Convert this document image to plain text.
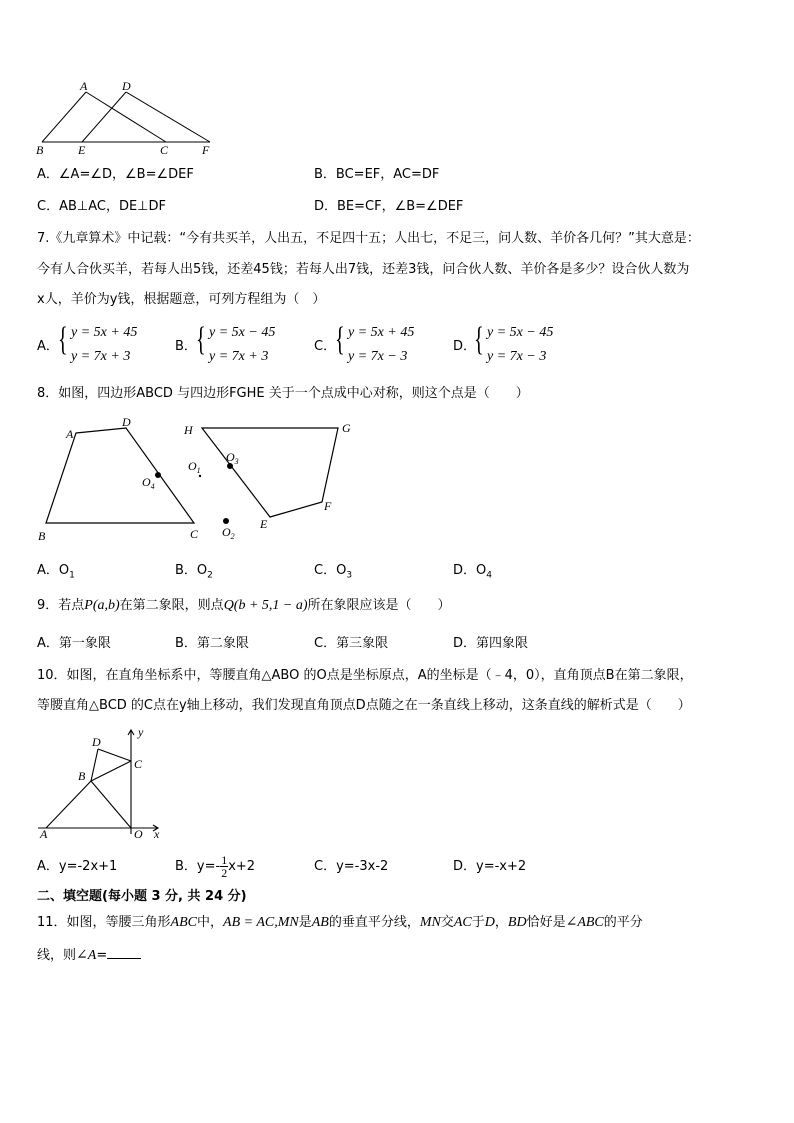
A	D
B	E	C	F
A．∠A=∠D，∠B=∠DEF	B．BC=EF，AC=DF
C．AB⊥AC，DE⊥DF	D．BE=CF，∠B=∠DEF
7.《九章算术》中记载：“今有共买羊，人出五，不足四十五；人出七，不足三，问人数、羊价各几何？”其大意是：
今有人合伙买羊，若每人出5钱，还差45钱；若每人出7钱，还差3钱，问合伙人数、羊价各是多少？设合伙人数为
x人，羊价为y钱，根据题意，可列方程组为（　）
A． { y = 5x + 45
y = 7x + 3
B． { y = 5x − 45
y = 7x + 3
C．
{ y = 5x + 45
y = 7x − 3
D．
{ y = 5x − 45
y = 7x − 3
8．如图，四边形ABCD 与四边形FGHE 关于一个点成中心对称，则这个点是（　　）
A
D
B	C
H	G
F
E
$O_4$
$O_3$
$O_1$
$O_2$
A．$O_1$	B．$O_2$	C．$O_3$	D．$O_4$
9．若点P(a,b)在第二象限，则点Q(b + 5,1 − a)所在象限应该是（　　）
A．第一象限	B．第二象限	C．第三象限	D．第四象限
10．如图，在直角坐标系中，等腰直角△ABO 的O点是坐标原点，A的坐标是（﹣4，0），直角顶点B在第二象限，
等腰直角△BCD 的C点在y轴上移动，我们发现直角顶点D点随之在一条直线上移动，这条直线的解析式是（　　）
y
D
C
B
A	O x
A．y=-2x+1	B．$y=- \frac{1}{2} x+2$	C．y=-3x-2	D．y=-x+2
二、填空题(每小题 3 分, 共 24 分)
11．如图，等腰三角形ABC中，AB = AC,MN是AB的垂直平分线，MN交AC于D，BD恰好是∠ABC的平分
线，则∠A=
